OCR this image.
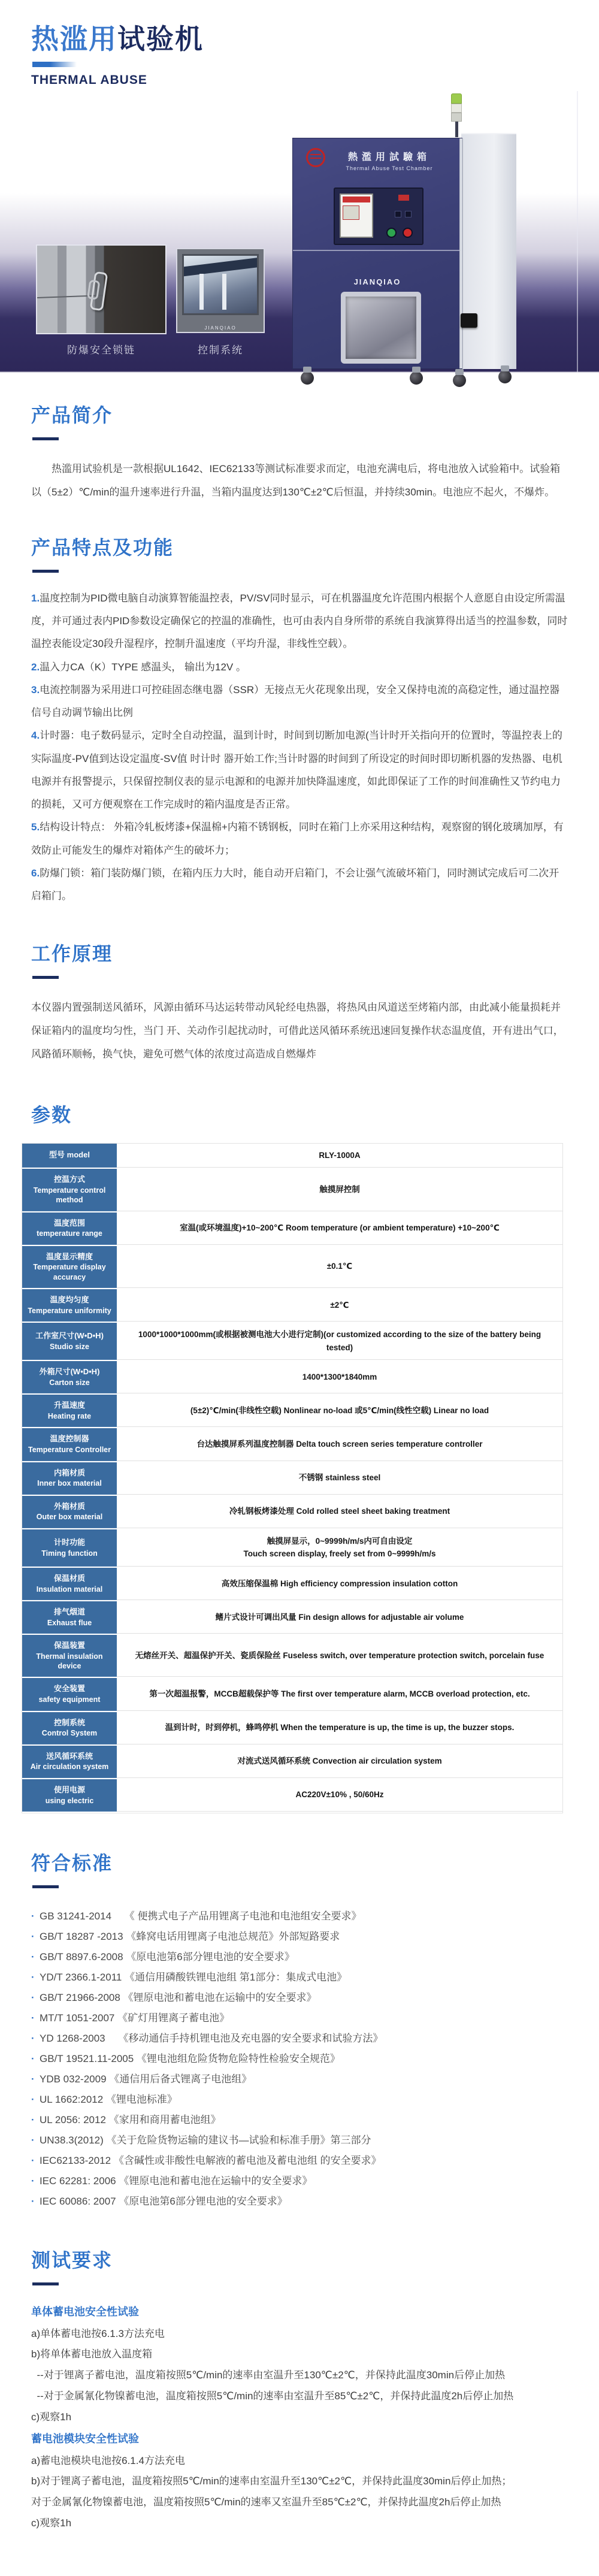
热滥用试验机
THERMAL ABUSE
熱濫用試驗箱
Thermal Abuse Test Chamber
JIANQIAO
JIANQIAO
防爆安全锁链	控制系统
产品简介

热滥用试验机是一款根据UL1642、IEC62133等测试标准要求而定，电池充满电后，将电池放入试验箱中。试验箱以（5±2）℃/min的温升速率进行升温，当箱内温度达到130℃±2℃后恒温，并持续30min。电池应不起火，不爆炸。

产品特点及功能

1.温度控制为PID微电脑自动演算智能温控表，PV/SV同时显示，可在机器温度允许范围内根据个人意愿自由设定所需温度，并可通过表内PID参数设定确保它的控温的准确性，也可由表内自身所带的系统自我演算得出适当的控温参数，同时温控表能设定30段升湿程序，控制升温速度（平均升湿，非线性空载）。

2.温入力CA（K）TYPE 感温头， 输出为12V 。

3.电流控制器为采用进口可控硅固态继电器（SSR）无接点无火花现象出现，安全又保持电流的高稳定性，通过温控器 信号自动调节输出比例

4.计时器：电子数码显示，定时全自动控温，温到计时，时间到切断加电源(当计时开关指向开的位置时，等温控表上的实际温度-PV值到达设定温度-SV值 时计时 器开始工作;当计时器的时间到了所设定的时间时即切断机器的发热器、电机电源并有报警提示，只保留控制仪表的显示电源和的电源并加快降温速度，如此即保证了工作的时间准确性又节约电力的损耗，又可方便观察在工作完成时的箱内温度是否正常。

5.结构设计特点： 外箱冷轧板烤漆+保温棉+内箱不锈钢板，同时在箱门上亦采用这种结构，观察窗的钢化玻璃加厚，有效防止可能发生的爆炸对箱体产生的破坏力；

6.防爆门锁：箱门装防爆门锁，在箱内压力大时，能自动开启箱门，不会让强气流破坏箱门，同时测试完成后可二次开启箱门。

工作原理

本仪器内置强制送风循环，风源由循环马达运转带动风轮经电热器，将热风由风道送至烤箱内部，由此减小能量损耗并保证箱内的温度均匀性，当门 开、关动作引起扰动时，可借此送风循环系统迅速回复操作状态温度值，开有进出气口，风路循环顺畅，换气快，避免可燃气体的浓度过高造成自燃爆炸

参数
型号 model	RLY-1000A
控温方式
Temperature control method
触摸屏控制
温度范围
temperature range
室温(或环境温度)+10~200℃ Room temperature (or ambient temperature) +10~200℃
温度显示精度
Temperature display accuracy
±0.1℃
温度均匀度
Temperature uniformity
±2℃
工作室尺寸(W•D•H)
Studio size
1000*1000*1000mm(或根据被测电池大小进行定制)(or customized according to the size of the battery being tested)
外箱尺寸(W•D•H)
Carton size
1400*1300*1840mm
升温速度
Heating rate
(5±2)℃/min(非线性空载) Nonlinear no-load 或5℃/min(线性空载) Linear no load
温度控制器
Temperature Controller
台达触摸屏系列温度控制器 Delta touch screen series temperature controller
内箱材质
Inner box material
不锈钢 stainless steel
外箱材质
Outer box material
冷轧钢板烤漆处理 Cold rolled steel sheet baking treatment
计时功能
Timing function
触摸屏显示，0~9999h/m/s内可自由设定
Touch screen display, freely set from 0~9999h/m/s
保温材质
Insulation material
高效压缩保温棉 High efficiency compression insulation cotton
排气烟道
Exhaust flue
鳍片式设计可调出风量 Fin design allows for adjustable air volume
保温装置
Thermal insulation device
无熔丝开关、超温保护开关、瓷质保险丝 Fuseless switch, over temperature protection switch, porcelain fuse
安全装置
safety equipment
第一次超温报警，MCCB超载保护等 The first over temperature alarm, MCCB overload protection, etc.
控制系统
Control System
温到计时，时到停机，蜂鸣停机 When the temperature is up, the time is up, the buzzer stops.
送风循环系统
Air circulation system
对流式送风循环系统 Convection air circulation system
使用电源
using electric
AC220V±10% , 50/60Hz
符合标准

· GB 31241-2014　 《 便携式电子产品用锂离子电池和电池组安全要求》

· GB/T 18287 -2013 《蜂窝电话用锂离子电池总规范》外部短路要求

· GB/T 8897.6-2008 《原电池第6部分锂电池的安全要求》

· YD/T 2366.1-2011 《通信用磷酸铁锂电池组 第1部分：集成式电池》

· GB/T 21966-2008 《锂原电池和蓄电池在运输中的安全要求》

· MT/T 1051-2007 《矿灯用锂离子蓄电池》

· YD 1268-2003　 《移动通信手持机锂电池及充电器的安全要求和试验方法》

· GB/T 19521.11-2005 《锂电池组危险货物危险特性检验安全规范》

· YDB 032-2009 《通信用后备式锂离子电池组》

· UL 1662:2012 《锂电池标准》

· UL 2056: 2012 《家用和商用蓄电池组》

· UN38.3(2012) 《关于危险货物运输的建议书—试验和标准手册》第三部分

· IEC62133-2012 《含碱性或非酸性电解液的蓄电池及蓄电池组 的安全要求》

· IEC 62281: 2006 《锂原电池和蓄电池在运输中的安全要求》

· IEC 60086: 2007 《原电池第6部分锂电池的安全要求》

测试要求

单体蓄电池安全性试验

a)单体蓄电池按6.1.3方法充电

b)将单体蓄电池放入温度箱

--对于锂离子蓄电池，温度箱按照5℃/min的速率由室温升至130℃±2℃，并保持此温度30min后停止加热

--对于金属氰化物镍蓄电池，温度箱按照5℃/min的速率由室温升至85℃±2℃，并保持此温度2h后停止加热

c)观察1h

蓄电池模块安全性试验

a)蓄电池模块电池按6.1.4方法充电

b)对于锂离子蓄电池，温度箱按照5℃/min的速率由室温升至130℃±2℃，并保持此温度30min后停止加热；

对于金属氰化物镍蓄电池，温度箱按照5℃/min的速率又室温升至85℃±2℃，并保持此温度2h后停止加热

c)观察1h
